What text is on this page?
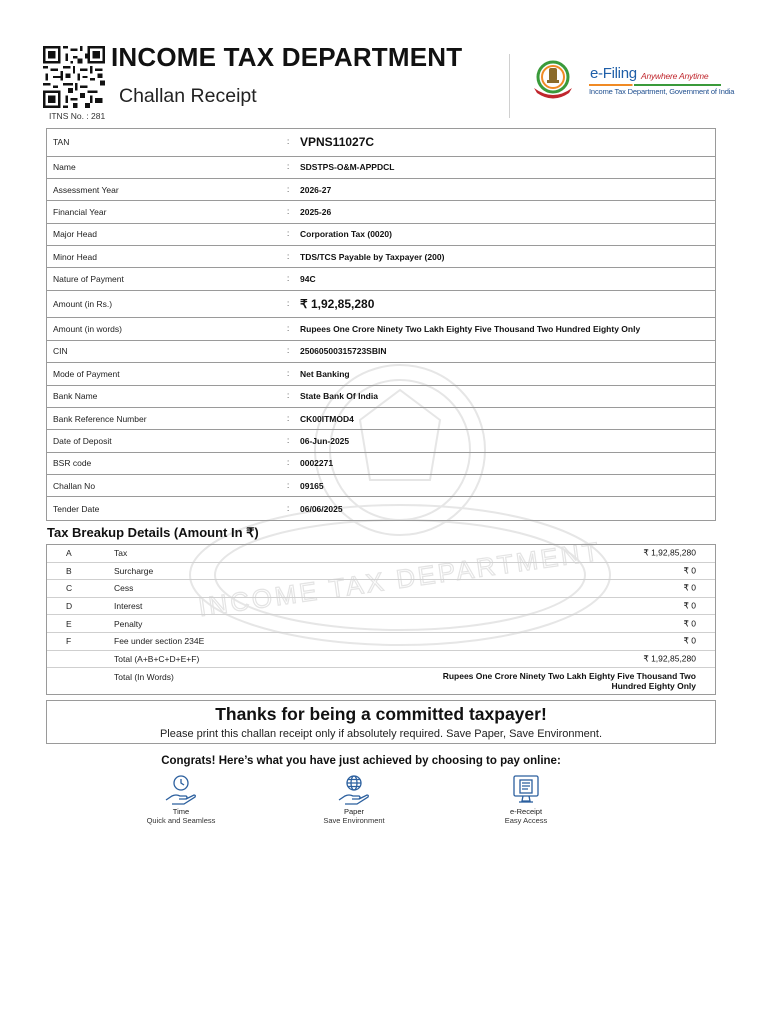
INCOME TAX DEPARTMENT
INCOME TAX DEPARTMENT
Challan Receipt
ITNS No. : 281
e-Filing Anywhere Anytime
Income Tax Department, Government of India
TAN	: VPNS11027C
Name	: SDSTPS-O&M-APPDCL
Assessment Year	: 2026-27
Financial Year	: 2025-26
Major Head	: Corporation Tax (0020)
Minor Head	: TDS/TCS Payable by Taxpayer (200)
Nature of Payment	: 94C
Amount (in Rs.)	: ₹ 1,92,85,280
Amount (in words)	: Rupees One Crore Ninety Two Lakh Eighty Five Thousand Two Hundred Eighty Only
CIN	: 25060500315723SBIN
Mode of Payment	: Net Banking
Bank Name	: State Bank Of India
Bank Reference Number	: CK00ITMOD4
Date of Deposit	: 06-Jun-2025
BSR code	: 0002271
Challan No	: 09165
Tender Date	: 06/06/2025
Tax Breakup Details (Amount In ₹)
A	Tax	₹ 1,92,85,280
B	Surcharge	₹ 0
C	Cess	₹ 0
D	Interest	₹ 0
E	Penalty	₹ 0
F	Fee under section 234E	₹ 0
Total (A+B+C+D+E+F)	₹ 1,92,85,280
Total (In Words)	Rupees One Crore Ninety Two Lakh Eighty Five Thousand Two Hundred Eighty Only
Thanks for being a committed taxpayer!
Please print this challan receipt only if absolutely required. Save Paper, Save Environment.
Congrats! Here’s what you have just achieved by choosing to pay online:
Time
Quick and Seamless
Paper
Save Environment
e-Receipt
Easy Access
